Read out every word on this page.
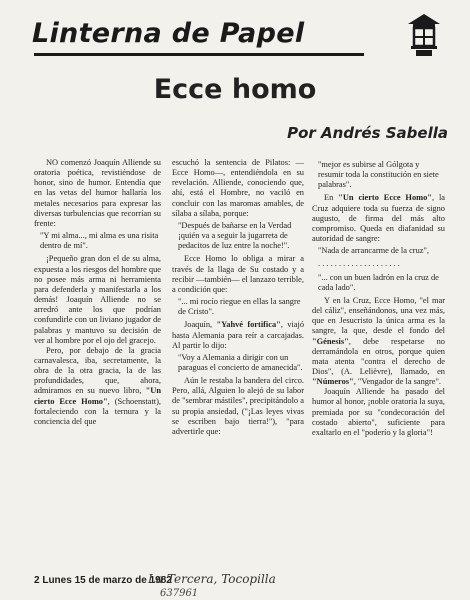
Linterna de Papel
Ecce homo
Por Andrés Sabella

NO comenzó Joaquín Alliende su oratoria poética, revistiéndose de honor, sino de humor. Entendía que en las vetas del humor hallaría los metales necesarios para expresar las diversas turbulencias que recorrían su frente:

"Y mi alma..., mi alma es una risita dentro de mí".

¡Pequeño gran don el de su alma, expuesta a los riesgos del hombre que no posee más arma ni herramienta para defenderla y manifestarla a los demás! Joaquín Alliende no se arredró ante los que podrían confundirle con un liviano jugador de palabras y mantuvo su decisión de ver al hombre por el ojo del gracejo.

Pero, por debajo de la gracia carnavalesca, iba, secretamente, la obra de la otra gracia, la de las profundidades, que, ahora, admiramos en su nuevo libro, "Un cierto Ecce Homo", (Schoenstatt), fortaleciendo con la ternura y la conciencia del que

escuchó la sentencia de Pilatos: —Ecce Homo—, entendiéndola en su revelación. Alliende, conociendo que, ahí, está el Hombre, no vaciló en concluir con las maromas amables, de sílaba a sílaba, porque:

"Después de bañarse en la Verdad ¡quién va a seguir la jugarreta de pedacitos de luz entre la noche!".

Ecce Homo lo obliga a mirar a través de la llaga de Su costado y a recibir —también— el lanzazo terrible, a condición que:

"... mi rocío riegue en ellas la sangre de Cristo".

Joaquín, "Yahvé fortifica", viajó hasta Alemania para reír a carcajadas. Al partir lo dijo:

"Voy a Alemania a dirigir con un paraguas el concierto de amanecida".

Aún le restaba la bandera del circo. Pero, allá, Alguien lo alejó de su labor de "sembrar mástiles", precipitándolo a su propia ansiedad, ("¡Las leyes vivas se escriben bajo tierra!"), "para advertirle que:

"mejor es subirse al Gólgota y resumir toda la constitución en siete palabras".

En "Un cierto Ecce Homo", la Cruz adquiere toda su fuerza de signo augusto, de firma del más alto compromiso. Queda en diafanidad su autoridad de sangre:

"Nada de arrancarme de la cruz",

. . . . . . . . . . . . . . . . . . . .

"... con un buen ladrón en la cruz de cada lado".

Y en la Cruz, Ecce Homo, "el mar del cáliz", enseñándonos, una vez más, que en Jesucristo la única arma es la sangre, la que, desde el fondo del "Génesis", debe respetarse no derramándola en otros, porque quien mata atenta "contra el derecho de Dios", (A. Lelièvre), llamado, en "Números", "Vengador de la sangre".

Joaquín Alliende ha pasado del humor al honor, ¡noble oratoria la suya, premiada por su "condecoración del costado abierto", suficiente para exaltarlo en el "poderío y la gloria"!

2 Lunes 15 de marzo de 1982
La Tercera, Tocopilla
637961
